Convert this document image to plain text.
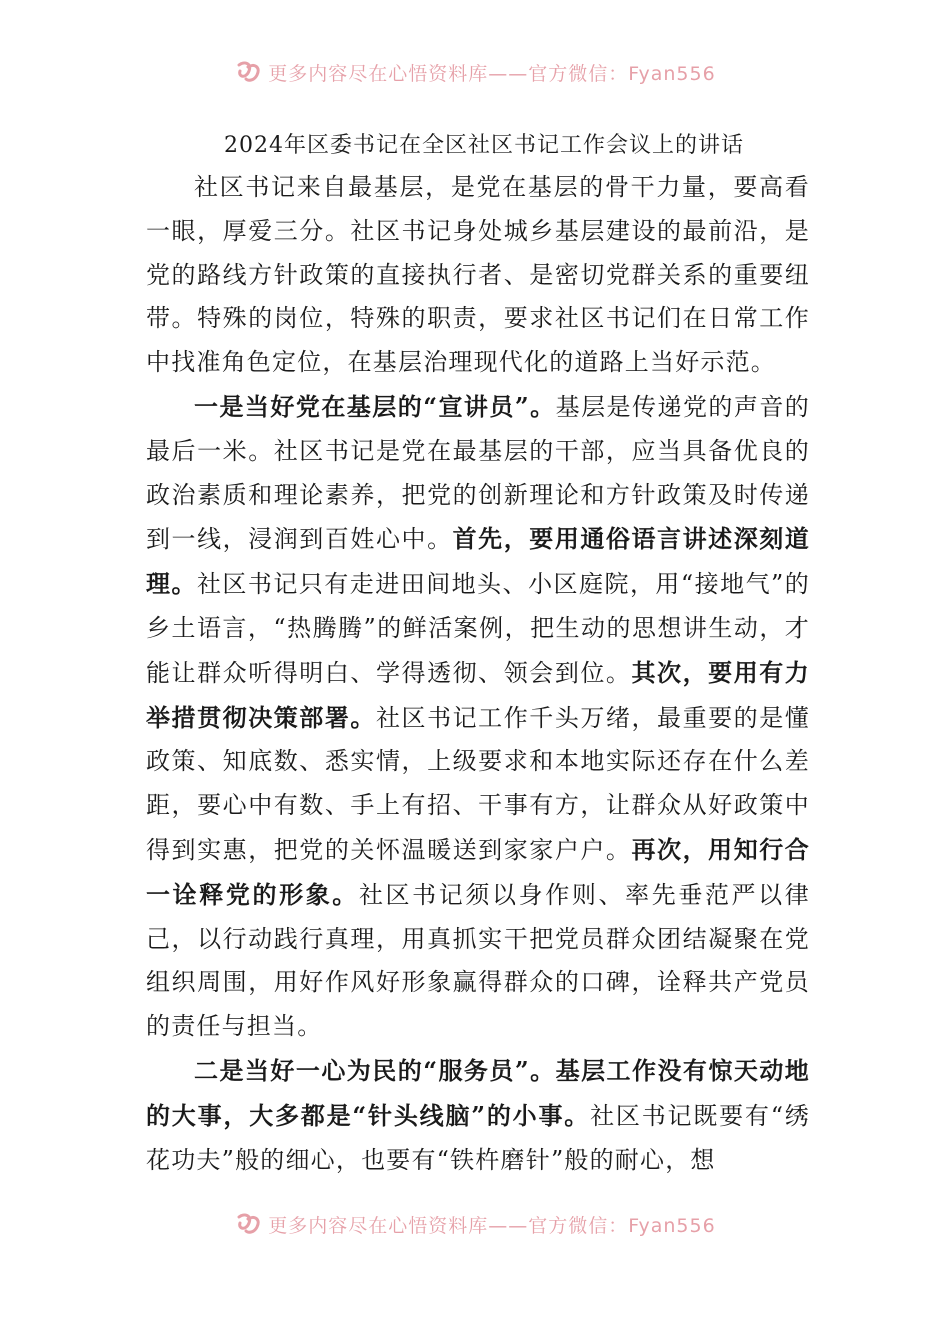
更多内容尽在心悟资料库——官方微信：Fyan556
2024年区委书记在全区社区书记工作会议上的讲话

社区书记来自最基层，是党在基层的骨干力量，要高看一眼，厚爱三分。社区书记身处城乡基层建设的最前沿，是党的路线方针政策的直接执行者、是密切党群关系的重要纽带。特殊的岗位，特殊的职责，要求社区书记们在日常工作中找准角色定位，在基层治理现代化的道路上当好示范。

一是当好党在基层的“宣讲员”。基层是传递党的声音的最后一米。社区书记是党在最基层的干部，应当具备优良的政治素质和理论素养，把党的创新理论和方针政策及时传递到一线，浸润到百姓心中。首先，要用通俗语言讲述深刻道理。社区书记只有走进田间地头、小区庭院，用“接地气”的乡土语言，“热腾腾”的鲜活案例，把生动的思想讲生动，才能让群众听得明白、学得透彻、领会到位。其次，要用有力举措贯彻决策部署。社区书记工作千头万绪，最重要的是懂政策、知底数、悉实情，上级要求和本地实际还存在什么差距，要心中有数、手上有招、干事有方，让群众从好政策中得到实惠，把党的关怀温暖送到家家户户。再次，用知行合一诠释党的形象。社区书记须以身作则、率先垂范严以律己，以行动践行真理，用真抓实干把党员群众团结凝聚在党组织周围，用好作风好形象赢得群众的口碑，诠释共产党员的责任与担当。

二是当好一心为民的“服务员”。基层工作没有惊天动地的大事，大多都是“针头线脑”的小事。社区书记既要有“绣花功夫”般的细心，也要有“铁杵磨针”般的耐心，想

更多内容尽在心悟资料库——官方微信：Fyan556
